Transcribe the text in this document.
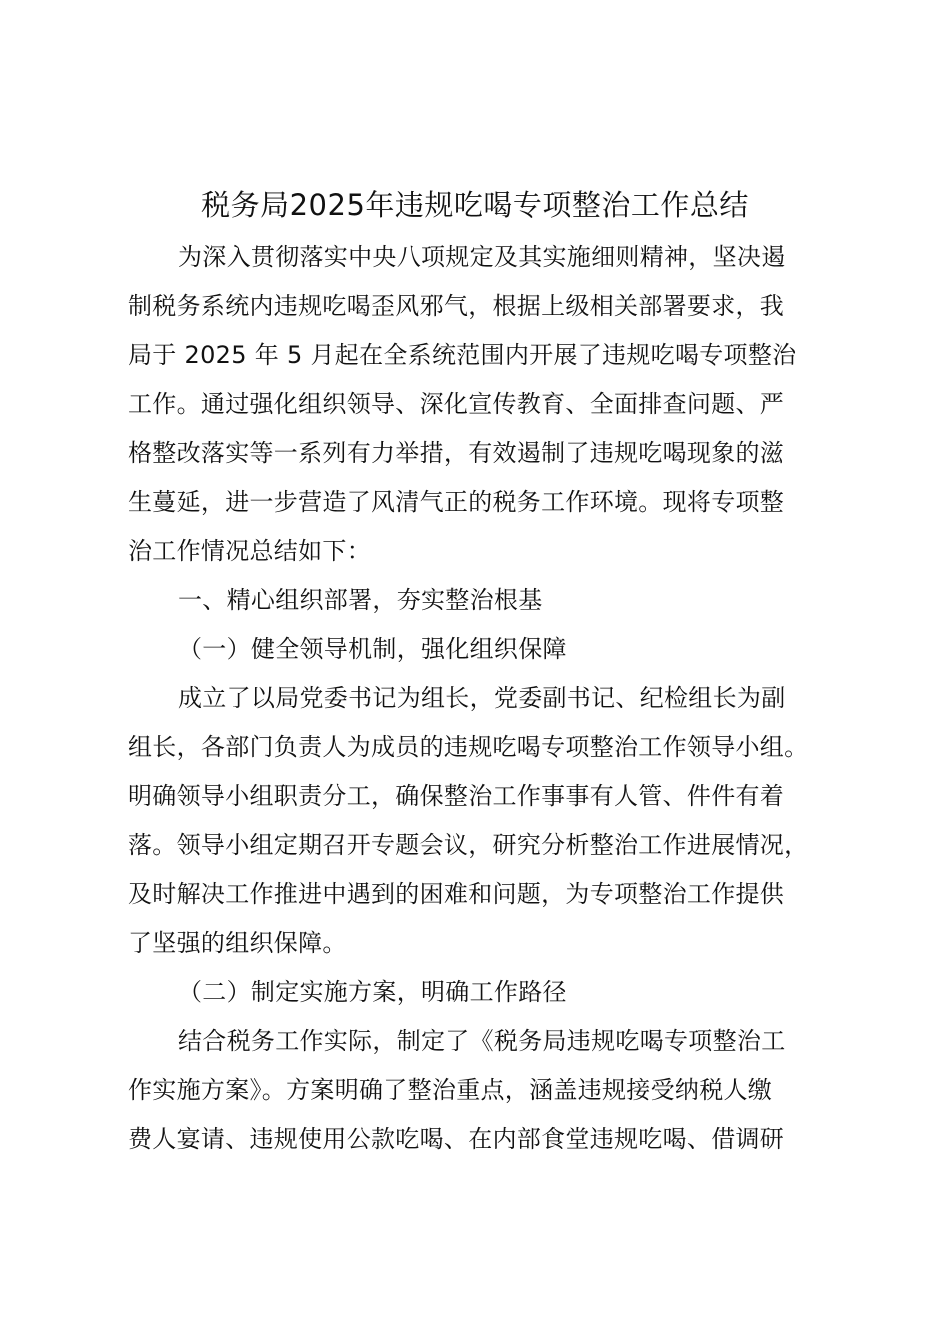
税务局2025年违规吃喝专项整治工作总结
为深入贯彻落实中央八项规定及其实施细则精神，坚决遏
制税务系统内违规吃喝歪风邪气，根据上级相关部署要求，我
局于 2025 年 5 月起在全系统范围内开展了违规吃喝专项整治
工作。通过强化组织领导、深化宣传教育、全面排查问题、严
格整改落实等一系列有力举措，有效遏制了违规吃喝现象的滋
生蔓延，进一步营造了风清气正的税务工作环境。现将专项整
治工作情况总结如下：
一、精心组织部署，夯实整治根基
（一）健全领导机制，强化组织保障
成立了以局党委书记为组长，党委副书记、纪检组长为副
组长，各部门负责人为成员的违规吃喝专项整治工作领导小组。
明确领导小组职责分工，确保整治工作事事有人管、件件有着
落。领导小组定期召开专题会议，研究分析整治工作进展情况，
及时解决工作推进中遇到的困难和问题，为专项整治工作提供
了坚强的组织保障。
（二）制定实施方案，明确工作路径
结合税务工作实际，制定了《税务局违规吃喝专项整治工
作实施方案》。方案明确了整治重点，涵盖违规接受纳税人缴
费人宴请、违规使用公款吃喝、在内部食堂违规吃喝、借调研
